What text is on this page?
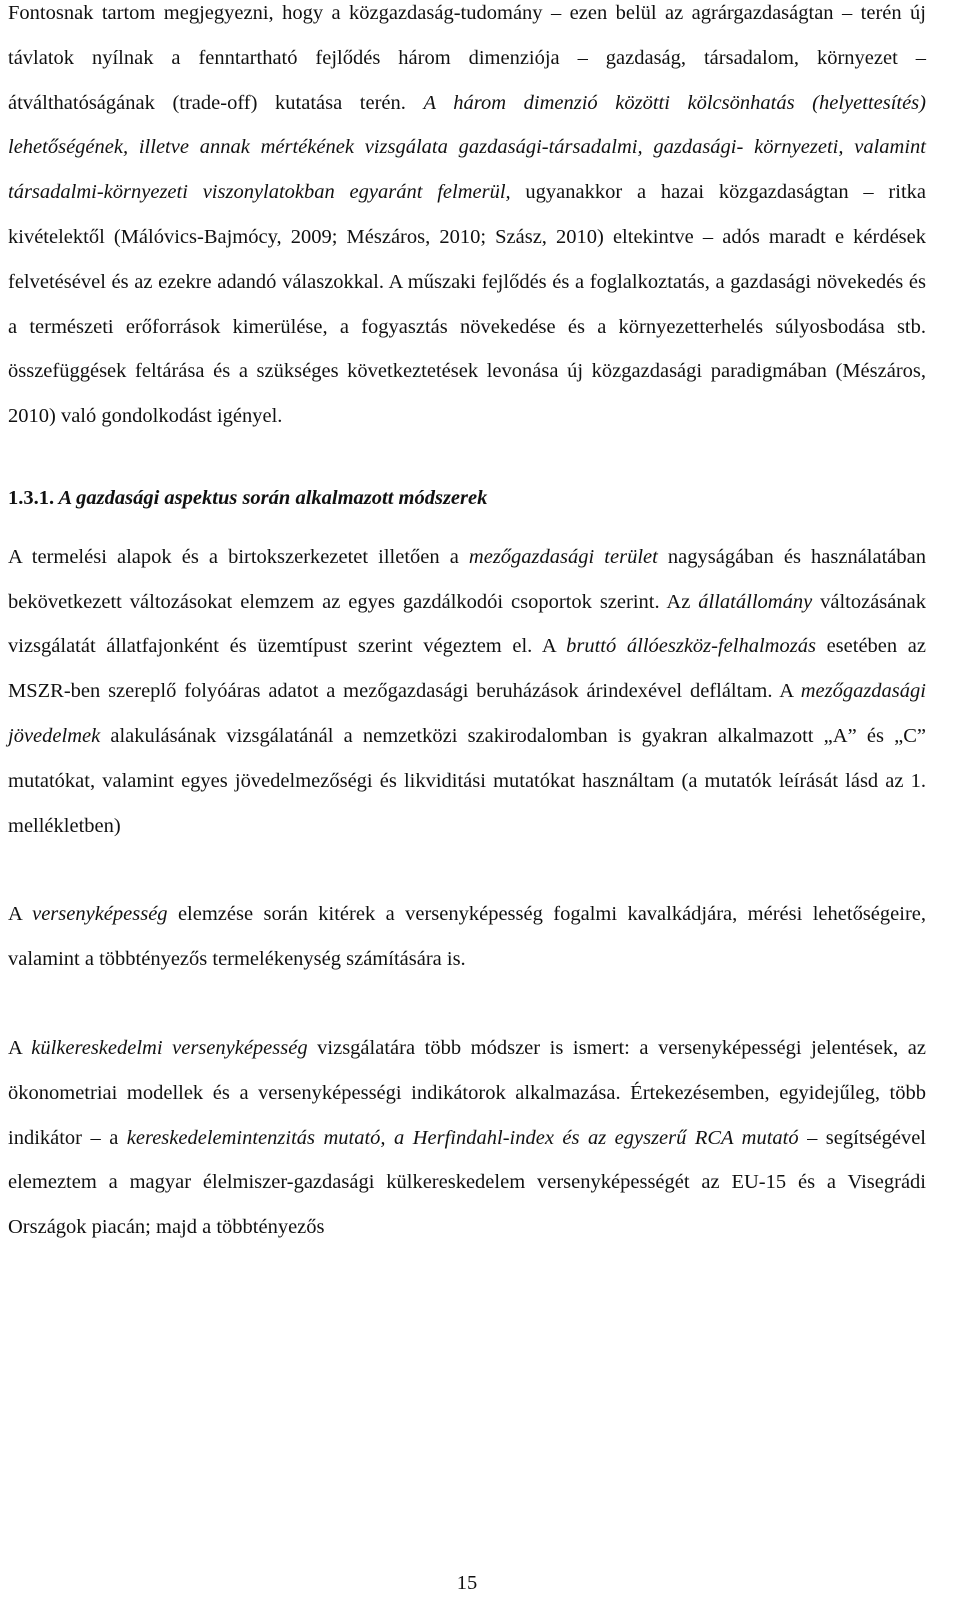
Fontosnak tartom megjegyezni, hogy a közgazdaság-tudomány – ezen belül az agrárgazdaságtan – terén új távlatok nyílnak a fenntartható fejlődés három dimenziója – gazdaság, társadalom, környezet – átválthatóságának (trade-off) kutatása terén. A három dimenzió közötti kölcsönhatás (helyettesítés) lehetőségének, illetve annak mértékének vizsgálata gazdasági-társadalmi, gazdasági- környezeti, valamint társadalmi-környezeti viszonylatokban egyaránt felmerül, ugyanakkor a hazai közgazdaságtan – ritka kivételektől (Málóvics-Bajmócy, 2009; Mészáros, 2010; Szász, 2010) eltekintve – adós maradt e kérdések felvetésével és az ezekre adandó válaszokkal. A műszaki fejlődés és a foglalkoztatás, a gazdasági növekedés és a természeti erőforrások kimerülése, a fogyasztás növekedése és a környezetterhelés súlyosbodása stb. összefüggések feltárása és a szükséges következtetések levonása új közgazdasági paradigmában (Mészáros, 2010) való gondolkodást igényel.

1.3.1. A gazdasági aspektus során alkalmazott módszerek

A termelési alapok és a birtokszerkezetet illetően a mezőgazdasági terület nagyságában és használatában bekövetkezett változásokat elemzem az egyes gazdálkodói csoportok szerint. Az állatállomány változásának vizsgálatát állatfajonként és üzemtípust szerint végeztem el. A bruttó állóeszköz-felhalmozás esetében az MSZR-ben szereplő folyóáras adatot a mezőgazdasági beruházások árindexével defláltam. A mezőgazdasági jövedelmek alakulásának vizsgálatánál a nemzetközi szakirodalomban is gyakran alkalmazott „A” és „C” mutatókat, valamint egyes jövedelmezőségi és likviditási mutatókat használtam (a mutatók leírását lásd az 1. mellékletben)

A versenyképesség elemzése során kitérek a versenyképesség fogalmi kavalkádjára, mérési lehetőségeire, valamint a többtényezős termelékenység számítására is.

A külkereskedelmi versenyképesség vizsgálatára több módszer is ismert: a versenyképességi jelentések, az ökonometriai modellek és a versenyképességi indikátorok alkalmazása. Értekezésemben, egyidejűleg, több indikátor – a kereskedelemintenzitás mutató, a Herfindahl-index és az egyszerű RCA mutató – segítségével elemeztem a magyar élelmiszer-gazdasági külkereskedelem versenyképességét az EU-15 és a Visegrádi Országok piacán; majd a többtényezős

15
